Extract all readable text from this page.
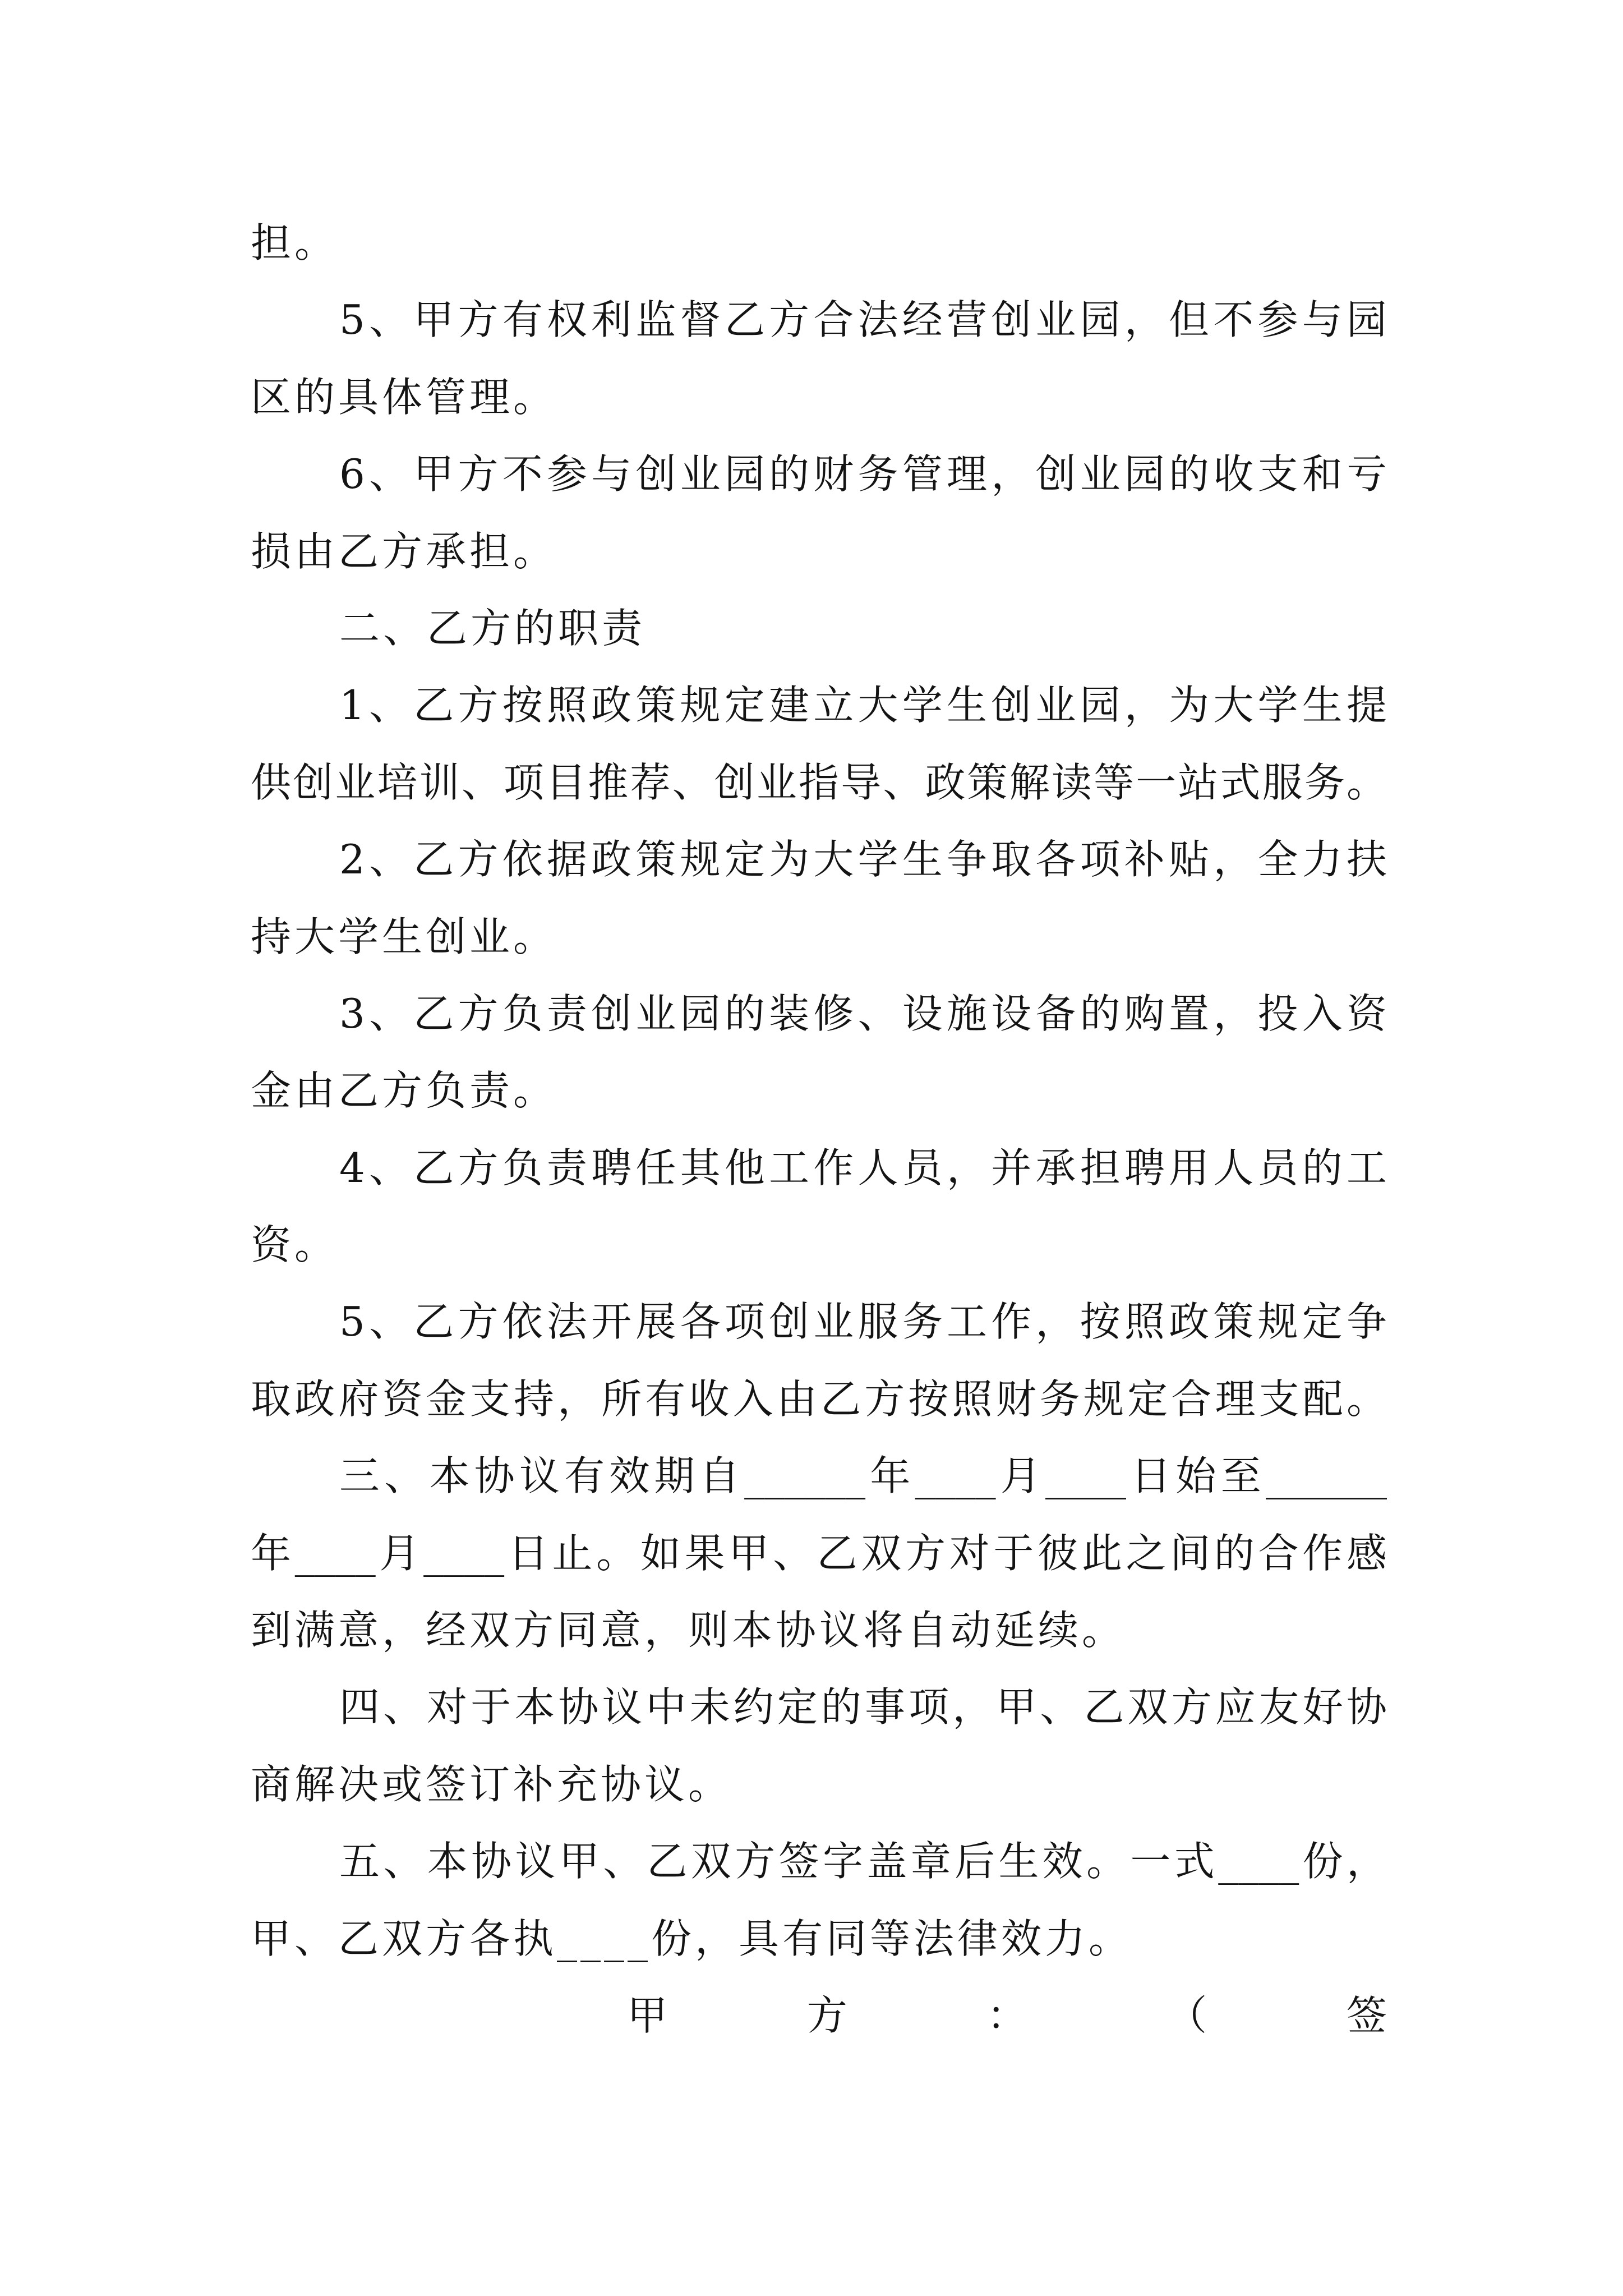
担。
5、甲方有权利监督乙方合法经营创业园，但不参与园
区的具体管理。
6、甲方不参与创业园的财务管理，创业园的收支和亏
损由乙方承担。
二、乙方的职责
1、乙方按照政策规定建立大学生创业园，为大学生提
供创业培训、项目推荐、创业指导、政策解读等一站式服务。
2、乙方依据政策规定为大学生争取各项补贴，全力扶
持大学生创业。
3、乙方负责创业园的装修、设施设备的购置，投入资
金由乙方负责。
4、乙方负责聘任其他工作人员，并承担聘用人员的工
资。
5、乙方依法开展各项创业服务工作，按照政策规定争
取政府资金支持，所有收入由乙方按照财务规定合理支配。
三、本协议有效期自______年____月____日始至______
年____月____日止。如果甲、乙双方对于彼此之间的合作感
到满意，经双方同意，则本协议将自动延续。
四、对于本协议中未约定的事项，甲、乙双方应友好协
商解决或签订补充协议。
五、本协议甲、乙双方签字盖章后生效。一式____份，
甲、乙双方各执____份，具有同等法律效力。
甲	方	：	（	签
